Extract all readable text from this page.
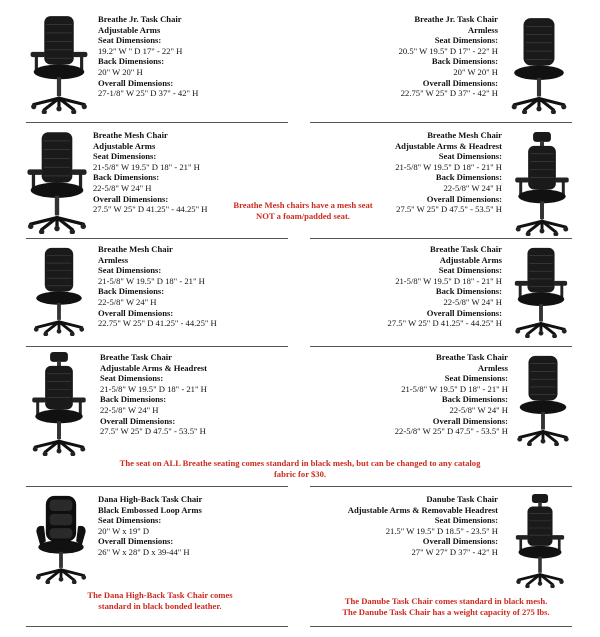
Breathe Jr. Task Chair
Adjustable Arms
Seat Dimensions:
19.2" W " D 17" - 22" H
Back Dimensions:
20" W 20" H
Overall Dimensions:
27-1/8" W 25" D 37" - 42" H
Breathe Jr. Task Chair
Armless
Seat Dimensions:
20.5" W 19.5" D 17" - 22" H
Back Dimensions:
20" W 20" H
Overall Dimensions:
22.75" W 25" D 37" - 42" H
Breathe Mesh Chair
Adjustable Arms
Seat Dimensions:
21-5/8" W 19.5" D 18" - 21" H
Back Dimensions:
22-5/8" W 24" H
Overall Dimensions:
27.5" W 25" D 41.25" - 44.25" H	Breathe Mesh chairs have a mesh seat
NOT a foam/padded seat.
Breathe Mesh Chair
Adjustable Arms & Headrest
Seat Dimensions:
21-5/8" W 19.5" D 18" - 21" H
Back Dimensions:
22-5/8" W 24" H
Overall Dimensions:
27.5" W 25" D 47.5" - 53.5" H
Breathe Mesh Chair
Armless
Seat Dimensions:
21-5/8" W 19.5" D 18" - 21" H
Back Dimensions:
22-5/8" W 24" H
Overall Dimensions:
22.75" W 25" D 41.25" - 44.25" H
Breathe Task Chair
Adjustable Arms
Seat Dimensions:
21-5/8" W 19.5" D 18" - 21" H
Back Dimensions:
22-5/8" W 24" H
Overall Dimensions:
27.5" W 25" D 41.25" - 44.25" H
Breathe Task Chair
Adjustable Arms & Headrest
Seat Dimensions:
21-5/8" W 19.5" D 18" - 21" H
Back Dimensions:
22-5/8" W 24" H
Overall Dimensions:
27.5" W 25" D 47.5" - 53.5" H
Breathe Task Chair
Armless
Seat Dimensions:
21-5/8" W 19.5" D 18" - 21" H
Back Dimensions:
22-5/8" W 24" H
Overall Dimensions:
22-5/8" W 25" D 47.5" - 53.5" H
The seat on ALL Breathe seating comes standard in black mesh, but can be changed to any catalog
fabric for $30.
Dana High-Back Task Chair
Black Embossed Loop Arms
Seat Dimensions:
20" W x 19" D
Overall Dimensions:
26" W x 28" D x 39-44" H
The Dana High-Back Task Chair comes
standard in black bonded leather.
Danube Task Chair
Adjustable Arms & Removable Headrest
Seat Dimensions:
21.5" W 19.5" D 18.5" - 23.5" H
Overall Dimensions:
27" W 27" D 37" - 42" H
The Danube Task Chair comes standard in black mesh.
The Danube Task Chair has a weight capacity of 275 lbs.
